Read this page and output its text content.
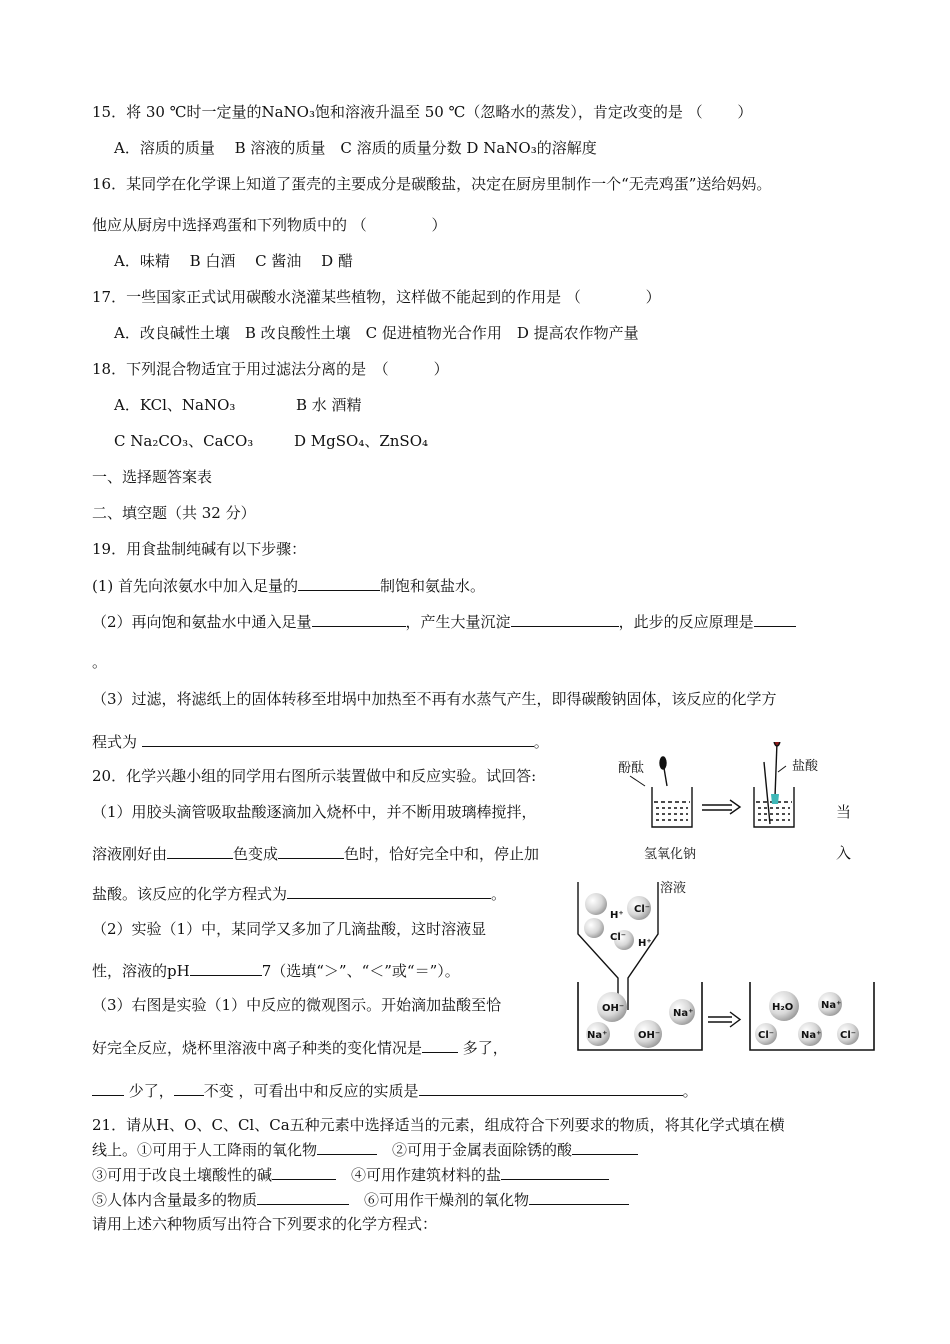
15．将 30 ℃时一定量的NaNO₃饱和溶液升温至 50 ℃（忽略水的蒸发），肯定改变的是 （　　 ）
A．溶质的质量　 B 溶液的质量　C 溶质的质量分数 D NaNO₃的溶解度
16．某同学在化学课上知道了蛋壳的主要成分是碳酸盐，决定在厨房里制作一个“无壳鸡蛋”送给妈妈。
他应从厨房中选择鸡蛋和下列物质中的 （　　　　 ）
A．味精　 B 白酒　 C 酱油　 D 醋
17．一些国家正式试用碳酸水浇灌某些植物，这样做不能起到的作用是 （　　　　 ）
A．改良碱性土壤　B 改良酸性土壤　C 促进植物光合作用　D 提高农作物产量
18．下列混合物适宜于用过滤法分离的是　（　　　）
A．KCl、NaNO₃	B 水 酒精
C Na₂CO₃、CaCO₃	D MgSO₄、ZnSO₄
一、选择题答案表
二、填空题（共 32 分）
19．用食盐制纯碱有以下步骤：
(1) 首先向浓氨水中加入足量的	制饱和氨盐水。
（2）再向饱和氨盐水中通入足量	，产生大量沉淀	，此步的反应原理是
。
（3）过滤，将滤纸上的固体转移至坩埚中加热至不再有水蒸气产生，即得碳酸钠固体，该反应的化学方
程式为	。
20．化学兴趣小组的同学用右图所示装置做中和反应实验。试回答:
（1）用胶头滴管吸取盐酸逐滴加入烧杯中，并不断用玻璃棒搅拌，	当
溶液刚好由	色变成	色时，恰好完全中和，停止加	入
盐酸。该反应的化学方程式为	。
（2）实验（1）中，某同学又多加了几滴盐酸，这时溶液显
性，溶液的pH	7（选填“＞”、“＜”或“＝”）。
（3）右图是实验（1）中反应的微观图示。开始滴加盐酸至恰
好完全反应，烧杯里溶液中离子种类的变化情况是 多了，
少了， 不变 ，可看出中和反应的实质是	。
21．请从H、O、C、Cl、Ca五种元素中选择适当的元素，组成符合下列要求的物质，将其化学式填在横
线上。①可用于人工降雨的氧化物	　②可用于金属表面除锈的酸
③可用于改良土壤酸性的碱	　④可用作建筑材料的盐
⑤人体内含量最多的物质	　⑥可用作干燥剂的氧化物
请用上述六种物质写出符合下列要求的化学方程式：
酚酞	盐酸
氢氧化钠
溶液
H⁺
Cl⁻
Cl⁻
H⁺
OH⁻	Na⁺
Na⁺	OH⁻
H₂O	Na⁺
Cl⁻	Na⁺ Cl⁻
